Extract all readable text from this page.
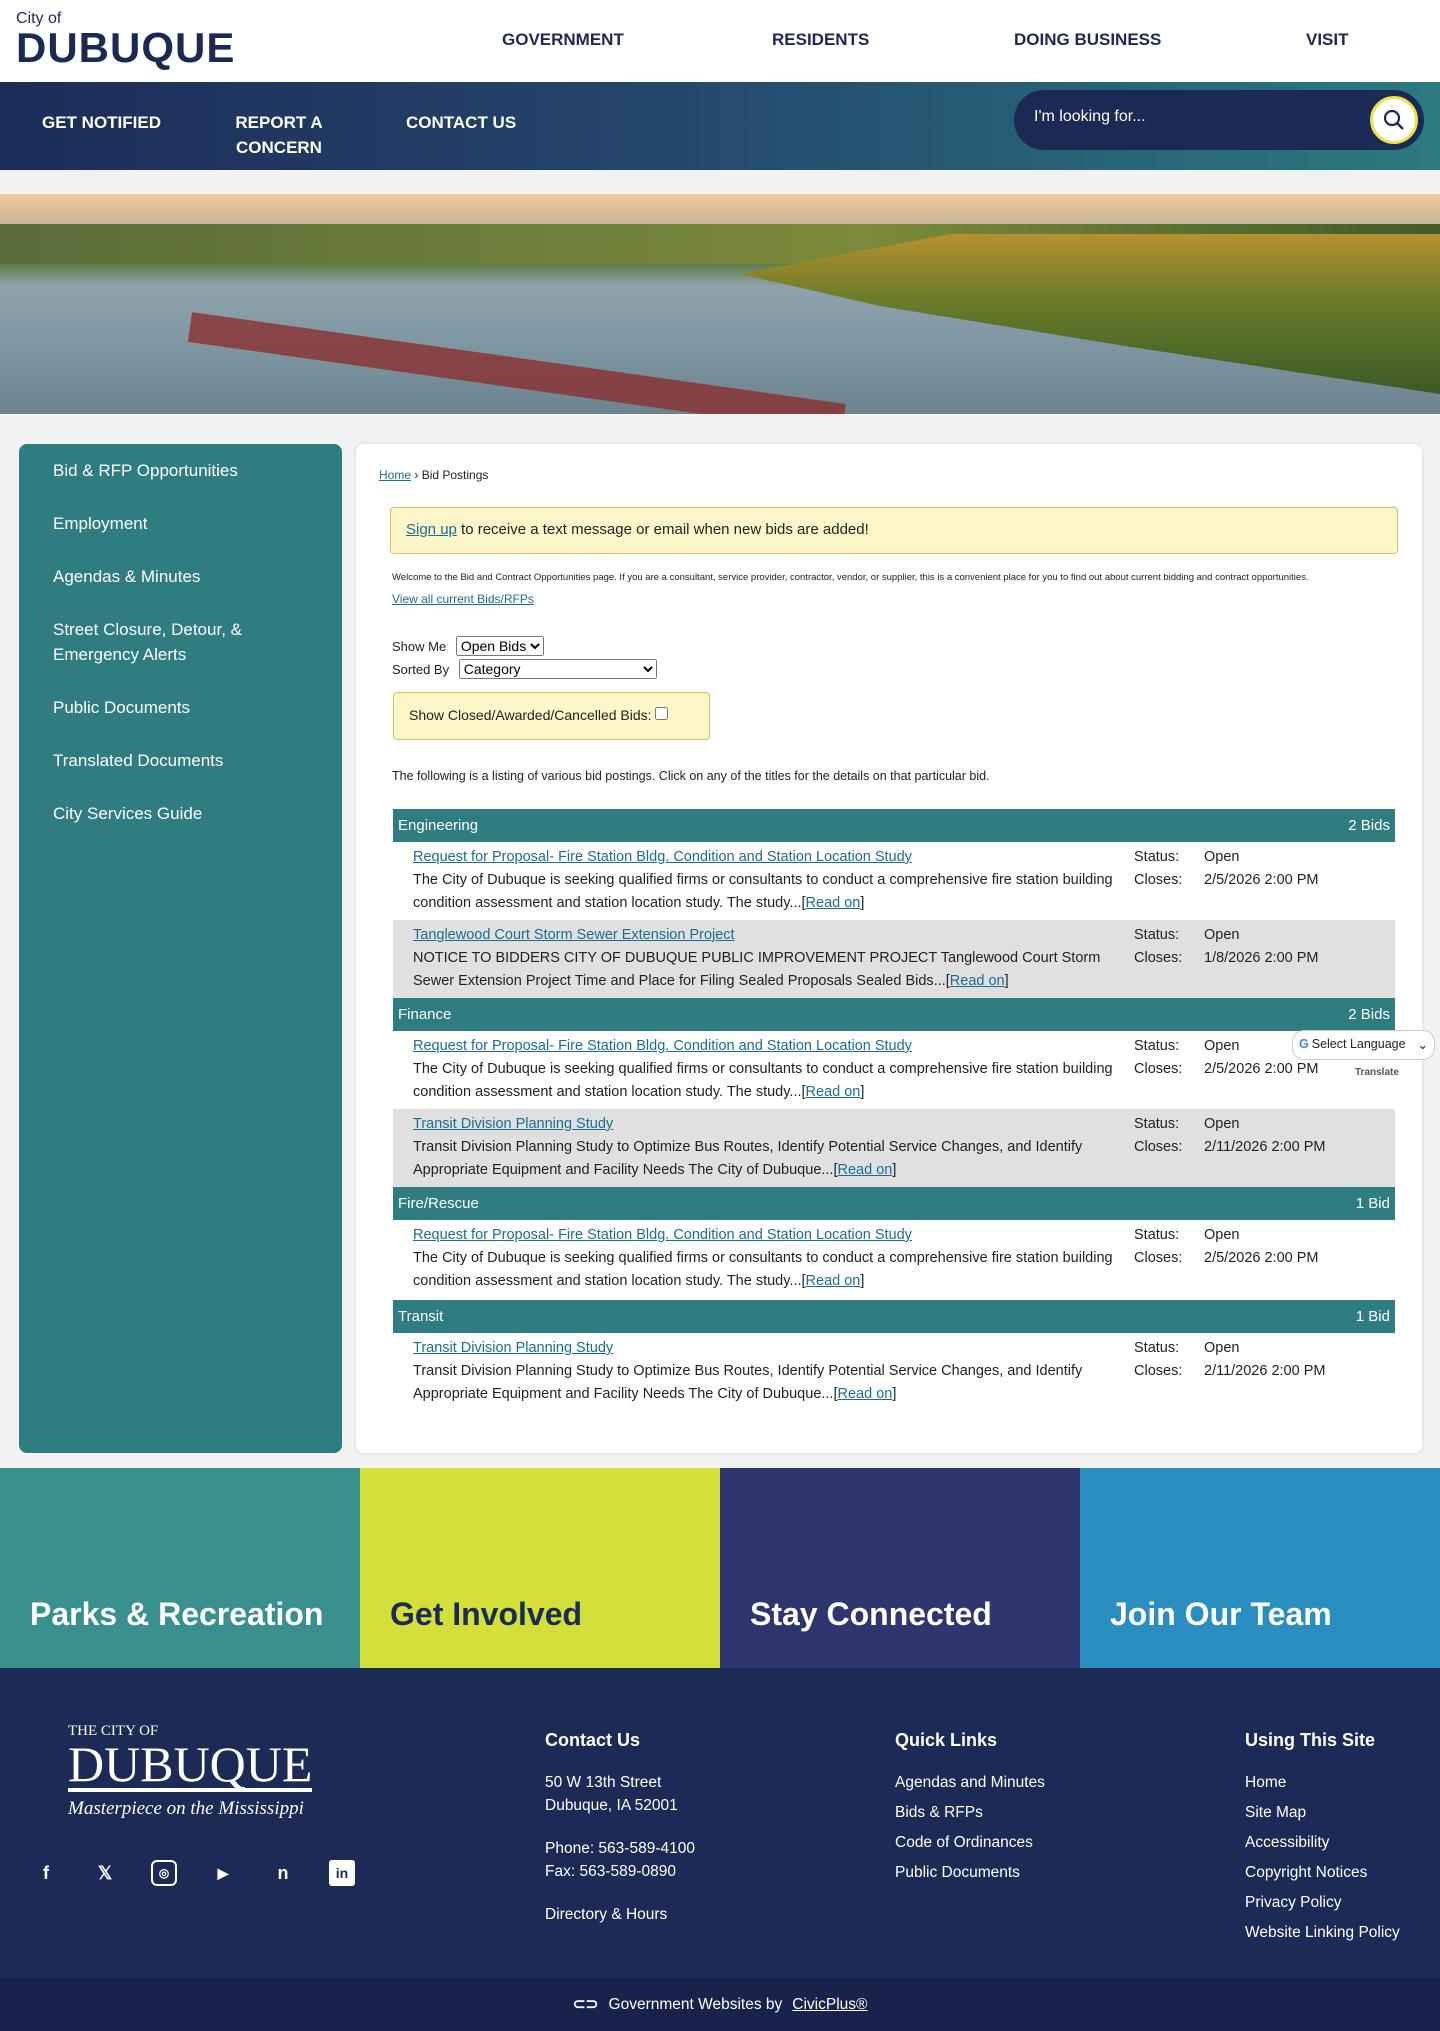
City of
DUBUQUE	GOVERNMENT	RESIDENTS	DOING BUSINESS	VISIT
GET NOTIFIED	REPORT A CONCERN
CONTACT US
I'm looking for...
Bid & RFP Opportunities
Employment
Agendas & Minutes
Street Closure, Detour, & Emergency Alerts
Public Documents
Translated Documents
City Services Guide
Home › Bid Postings
Sign up to receive a text message or email when new bids are added!
Welcome to the Bid and Contract Opportunities page. If you are a consultant, service provider, contractor, vendor, or supplier, this is a convenient place for you to find out about current bidding and contract opportunities.
View all current Bids/RFPs
Show Me
Open Bids
Sorted By
Category
Show Closed/Awarded/Cancelled Bids:
The following is a listing of various bid postings. Click on any of the titles for the details on that particular bid.
Engineering	2 Bids
Request for Proposal- Fire Station Bldg. Condition and Station Location Study
The City of Dubuque is seeking qualified firms or consultants to conduct a comprehensive fire station building condition assessment and station location study. The study...[Read on]
Status: Open
Closes: 2/5/2026 2:00 PM
Tanglewood Court Storm Sewer Extension Project
NOTICE TO BIDDERS CITY OF DUBUQUE PUBLIC IMPROVEMENT PROJECT Tanglewood Court Storm Sewer Extension Project Time and Place for Filing Sealed Proposals Sealed Bids...[Read on]
Status: Open
Closes: 1/8/2026 2:00 PM
Finance	2 Bids
Request for Proposal- Fire Station Bldg. Condition and Station Location Study
The City of Dubuque is seeking qualified firms or consultants to conduct a comprehensive fire station building condition assessment and station location study. The study...[Read on]
Status: Open
Closes: 2/5/2026 2:00 PM
Transit Division Planning Study
Transit Division Planning Study to Optimize Bus Routes, Identify Potential Service Changes, and Identify Appropriate Equipment and Facility Needs The City of Dubuque...[Read on]
Status: Open
Closes: 2/11/2026 2:00 PM
Fire/Rescue	1 Bid
Request for Proposal- Fire Station Bldg. Condition and Station Location Study
The City of Dubuque is seeking qualified firms or consultants to conduct a comprehensive fire station building condition assessment and station location study. The study...[Read on]
Status: Open
Closes: 2/5/2026 2:00 PM
Transit	1 Bid
Transit Division Planning Study
Transit Division Planning Study to Optimize Bus Routes, Identify Potential Service Changes, and Identify Appropriate Equipment and Facility Needs The City of Dubuque...[Read on]
Status: Open
Closes: 2/11/2026 2:00 PM
G Select Language ⌄
Translate
Parks & Recreation	Get Involved	Stay Connected	Join Our Team
THE CITY OF
DUBUQUE
Masterpiece on the Mississippi
f	𝕏	◎	▶	n	in
Contact Us
50 W 13th Street
Dubuque, IA 52001
Phone: 563-589-4100
Fax: 563-589-0890
Directory & Hours
Quick Links
Agendas and Minutes
Bids & RFPs
Code of Ordinances
Public Documents
Using This Site
Home
Site Map
Accessibility
Copyright Notices
Privacy Policy
Website Linking Policy
⊂⊃ Government Websites by CivicPlus®
